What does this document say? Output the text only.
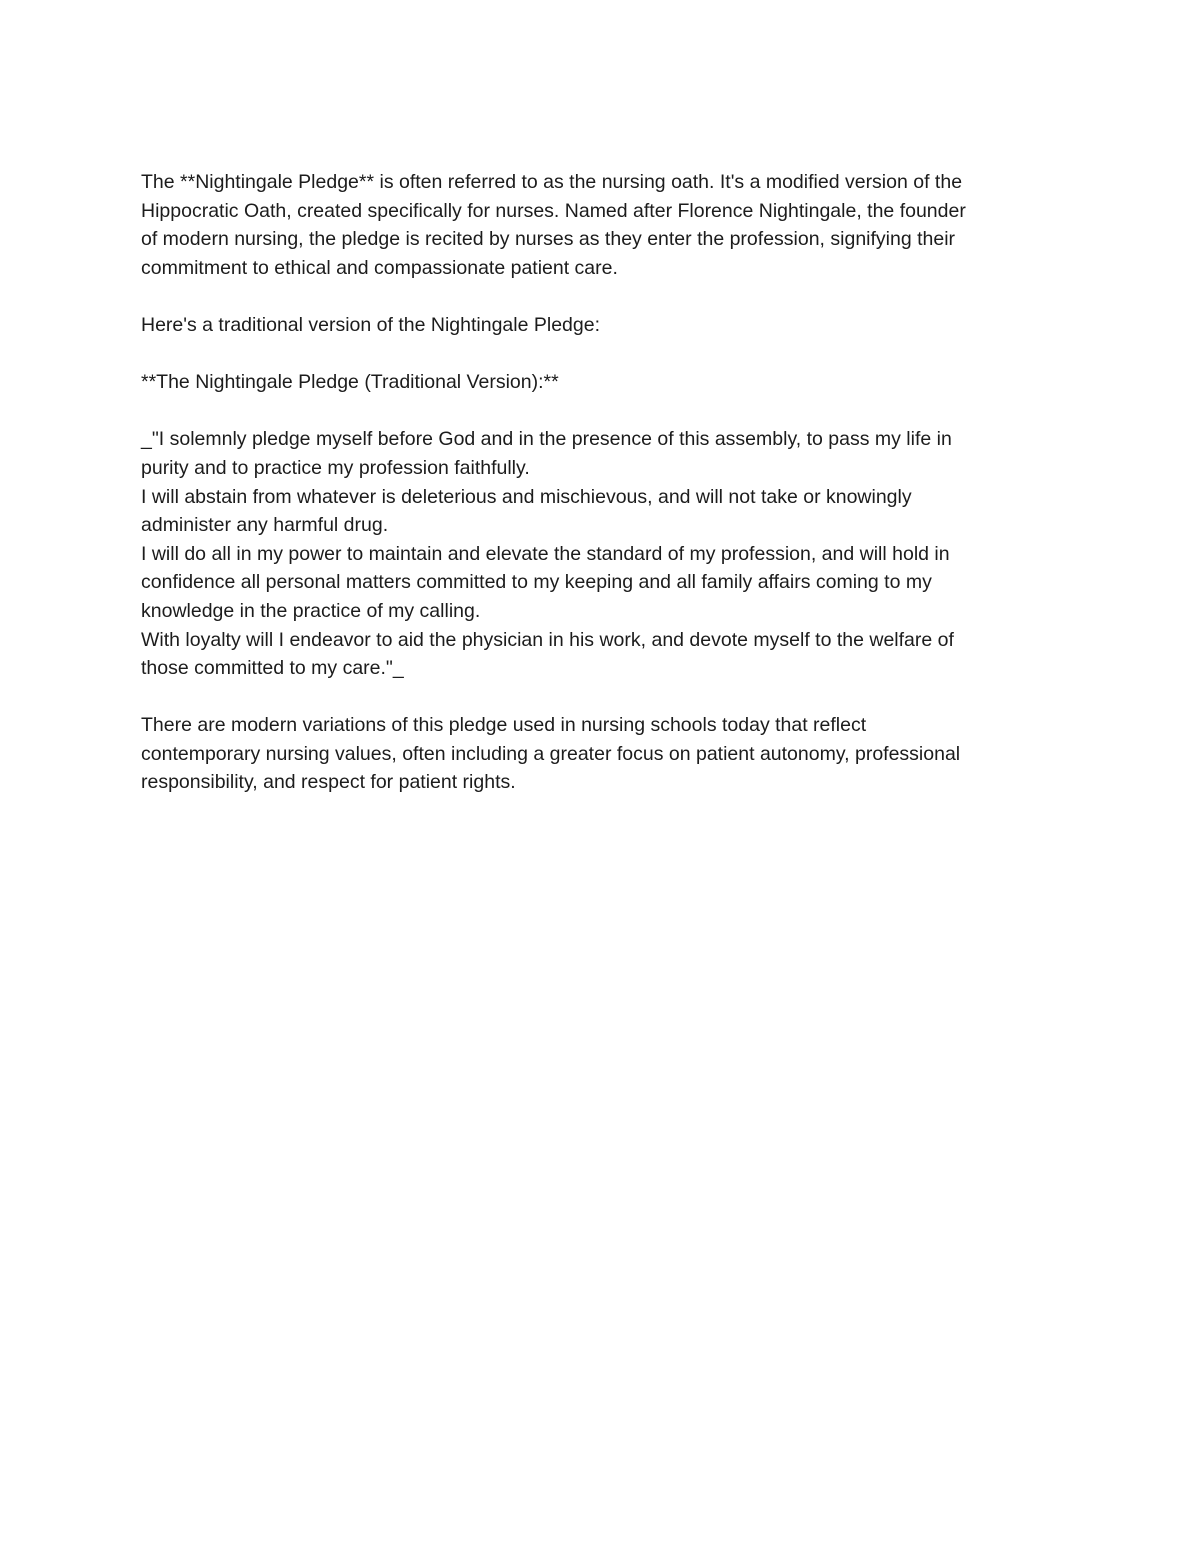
The **Nightingale Pledge** is often referred to as the nursing oath. It's a modified version of the
Hippocratic Oath, created specifically for nurses. Named after Florence Nightingale, the founder
of modern nursing, the pledge is recited by nurses as they enter the profession, signifying their
commitment to ethical and compassionate patient care.

Here's a traditional version of the Nightingale Pledge:

**The Nightingale Pledge (Traditional Version):**

_"I solemnly pledge myself before God and in the presence of this assembly, to pass my life in
purity and to practice my profession faithfully.
I will abstain from whatever is deleterious and mischievous, and will not take or knowingly
administer any harmful drug.
I will do all in my power to maintain and elevate the standard of my profession, and will hold in
confidence all personal matters committed to my keeping and all family affairs coming to my
knowledge in the practice of my calling.
With loyalty will I endeavor to aid the physician in his work, and devote myself to the welfare of
those committed to my care."_

There are modern variations of this pledge used in nursing schools today that reflect
contemporary nursing values, often including a greater focus on patient autonomy, professional
responsibility, and respect for patient rights.
